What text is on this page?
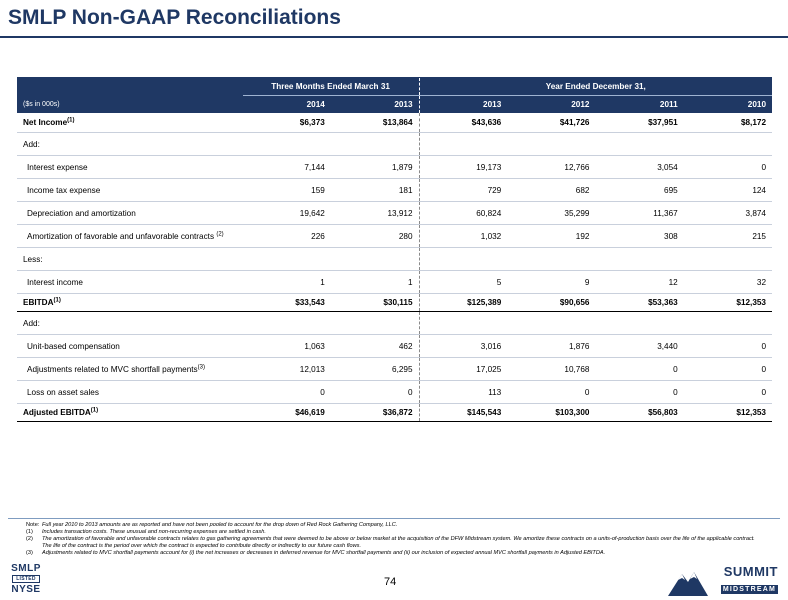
SMLP Non-GAAP Reconciliations
	Three Months Ended March 31		Year Ended December 31,			
($s in 000s)	2014	2013	2013	2012	2011	2010
Net Income$^{(1)}$	$6,373	$13,864	$43,636	$41,726	$37,951	$8,172
Add:						
Interest expense	7,144	1,879	19,173	12,766	3,054	0
Income tax expense	159	181	729	682	695	124
Depreciation and amortization	19,642	13,912	60,824	35,299	11,367	3,874
Amortization of favorable and unfavorable contracts $^{(2)}$	226	280	1,032	192	308	215
Less:						
Interest income	1	1	5	9	12	32
EBITDA$^{(1)}$	$33,543	$30,115	$125,389	$90,656	$53,363	$12,353
Add:						
Unit-based compensation	1,063	462	3,016	1,876	3,440	0
Adjustments related to MVC shortfall payments$^{(3)}$	12,013	6,295	17,025	10,768	0	0
Loss on asset sales	0	0	113	0	0	0
Adjusted EBITDA$^{(1)}$	$46,619	$36,872	$145,543	$103,300	$56,803	$12,353
Note: Full year 2010 to 2013 amounts are as reported and have not been pooled to account for the drop down of Red Rock Gathering Company, LLC.
(1)	Includes transaction costs. These unusual and non-recurring expenses are settled in cash.
(2)	The amortization of favorable and unfavorable contracts relates to gas gathering agreements that were deemed to be above or below market at the acquisition of the DFW Midstream system. We amortize these contracts on a units-of-production basis over the life of the applicable contract. The life of the contract is the period over which the contract is expected to contribute directly or indirectly to our future cash flows.
(3)	Adjustments related to MVC shortfall payments account for (i) the net increases or decreases in deferred revenue for MVC shortfall payments and (ii) our inclusion of expected annual MVC shortfall payments in Adjusted EBITDA.
SMLP
LISTED
NYSE
74
SUMMIT
MIDSTREAM
